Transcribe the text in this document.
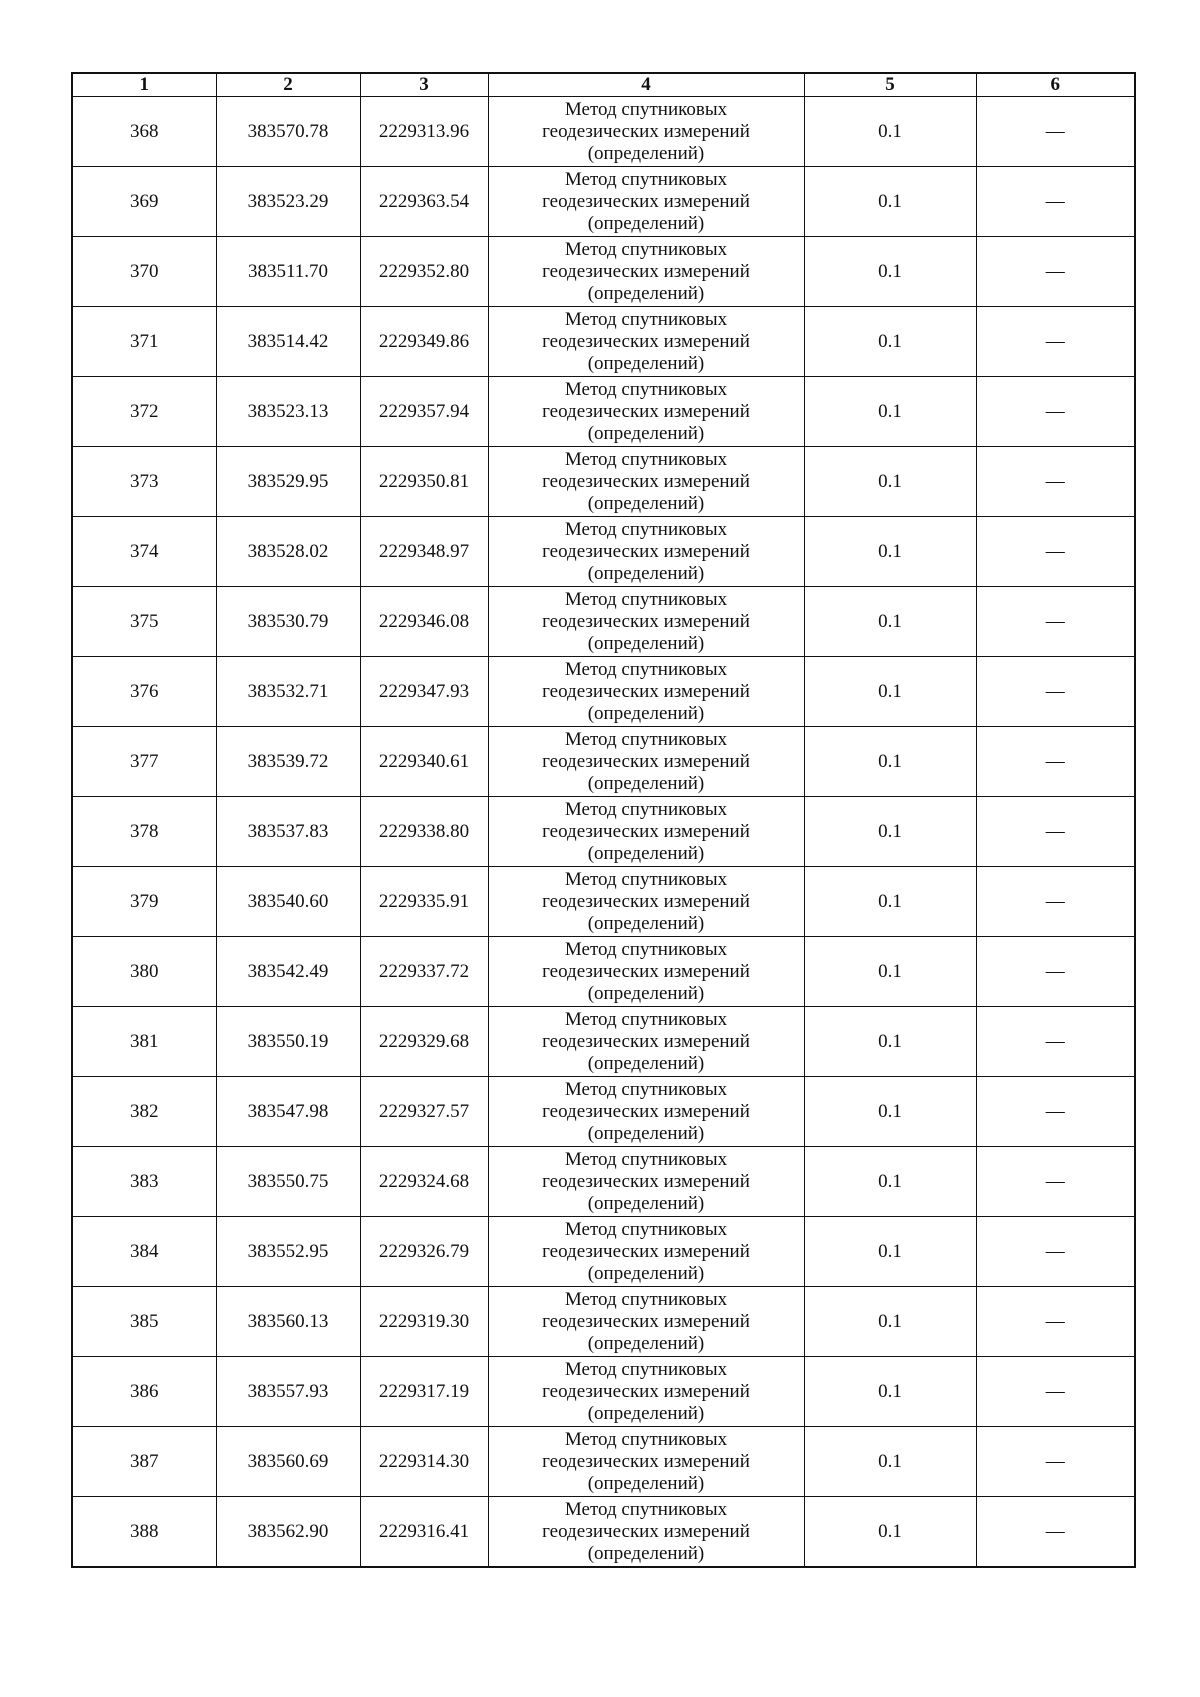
1	2	3	4	5	6
368	383570.78	2229313.96	Метод спутниковых
геодезических измерений
(определений)	0.1	—
369	383523.29	2229363.54	Метод спутниковых
геодезических измерений
(определений)	0.1	—
370	383511.70	2229352.80	Метод спутниковых
геодезических измерений
(определений)	0.1	—
371	383514.42	2229349.86	Метод спутниковых
геодезических измерений
(определений)	0.1	—
372	383523.13	2229357.94	Метод спутниковых
геодезических измерений
(определений)	0.1	—
373	383529.95	2229350.81	Метод спутниковых
геодезических измерений
(определений)	0.1	—
374	383528.02	2229348.97	Метод спутниковых
геодезических измерений
(определений)	0.1	—
375	383530.79	2229346.08	Метод спутниковых
геодезических измерений
(определений)	0.1	—
376	383532.71	2229347.93	Метод спутниковых
геодезических измерений
(определений)	0.1	—
377	383539.72	2229340.61	Метод спутниковых
геодезических измерений
(определений)	0.1	—
378	383537.83	2229338.80	Метод спутниковых
геодезических измерений
(определений)	0.1	—
379	383540.60	2229335.91	Метод спутниковых
геодезических измерений
(определений)	0.1	—
380	383542.49	2229337.72	Метод спутниковых
геодезических измерений
(определений)	0.1	—
381	383550.19	2229329.68	Метод спутниковых
геодезических измерений
(определений)	0.1	—
382	383547.98	2229327.57	Метод спутниковых
геодезических измерений
(определений)	0.1	—
383	383550.75	2229324.68	Метод спутниковых
геодезических измерений
(определений)	0.1	—
384	383552.95	2229326.79	Метод спутниковых
геодезических измерений
(определений)	0.1	—
385	383560.13	2229319.30	Метод спутниковых
геодезических измерений
(определений)	0.1	—
386	383557.93	2229317.19	Метод спутниковых
геодезических измерений
(определений)	0.1	—
387	383560.69	2229314.30	Метод спутниковых
геодезических измерений
(определений)	0.1	—
388	383562.90	2229316.41	Метод спутниковых
геодезических измерений
(определений)	0.1	—
